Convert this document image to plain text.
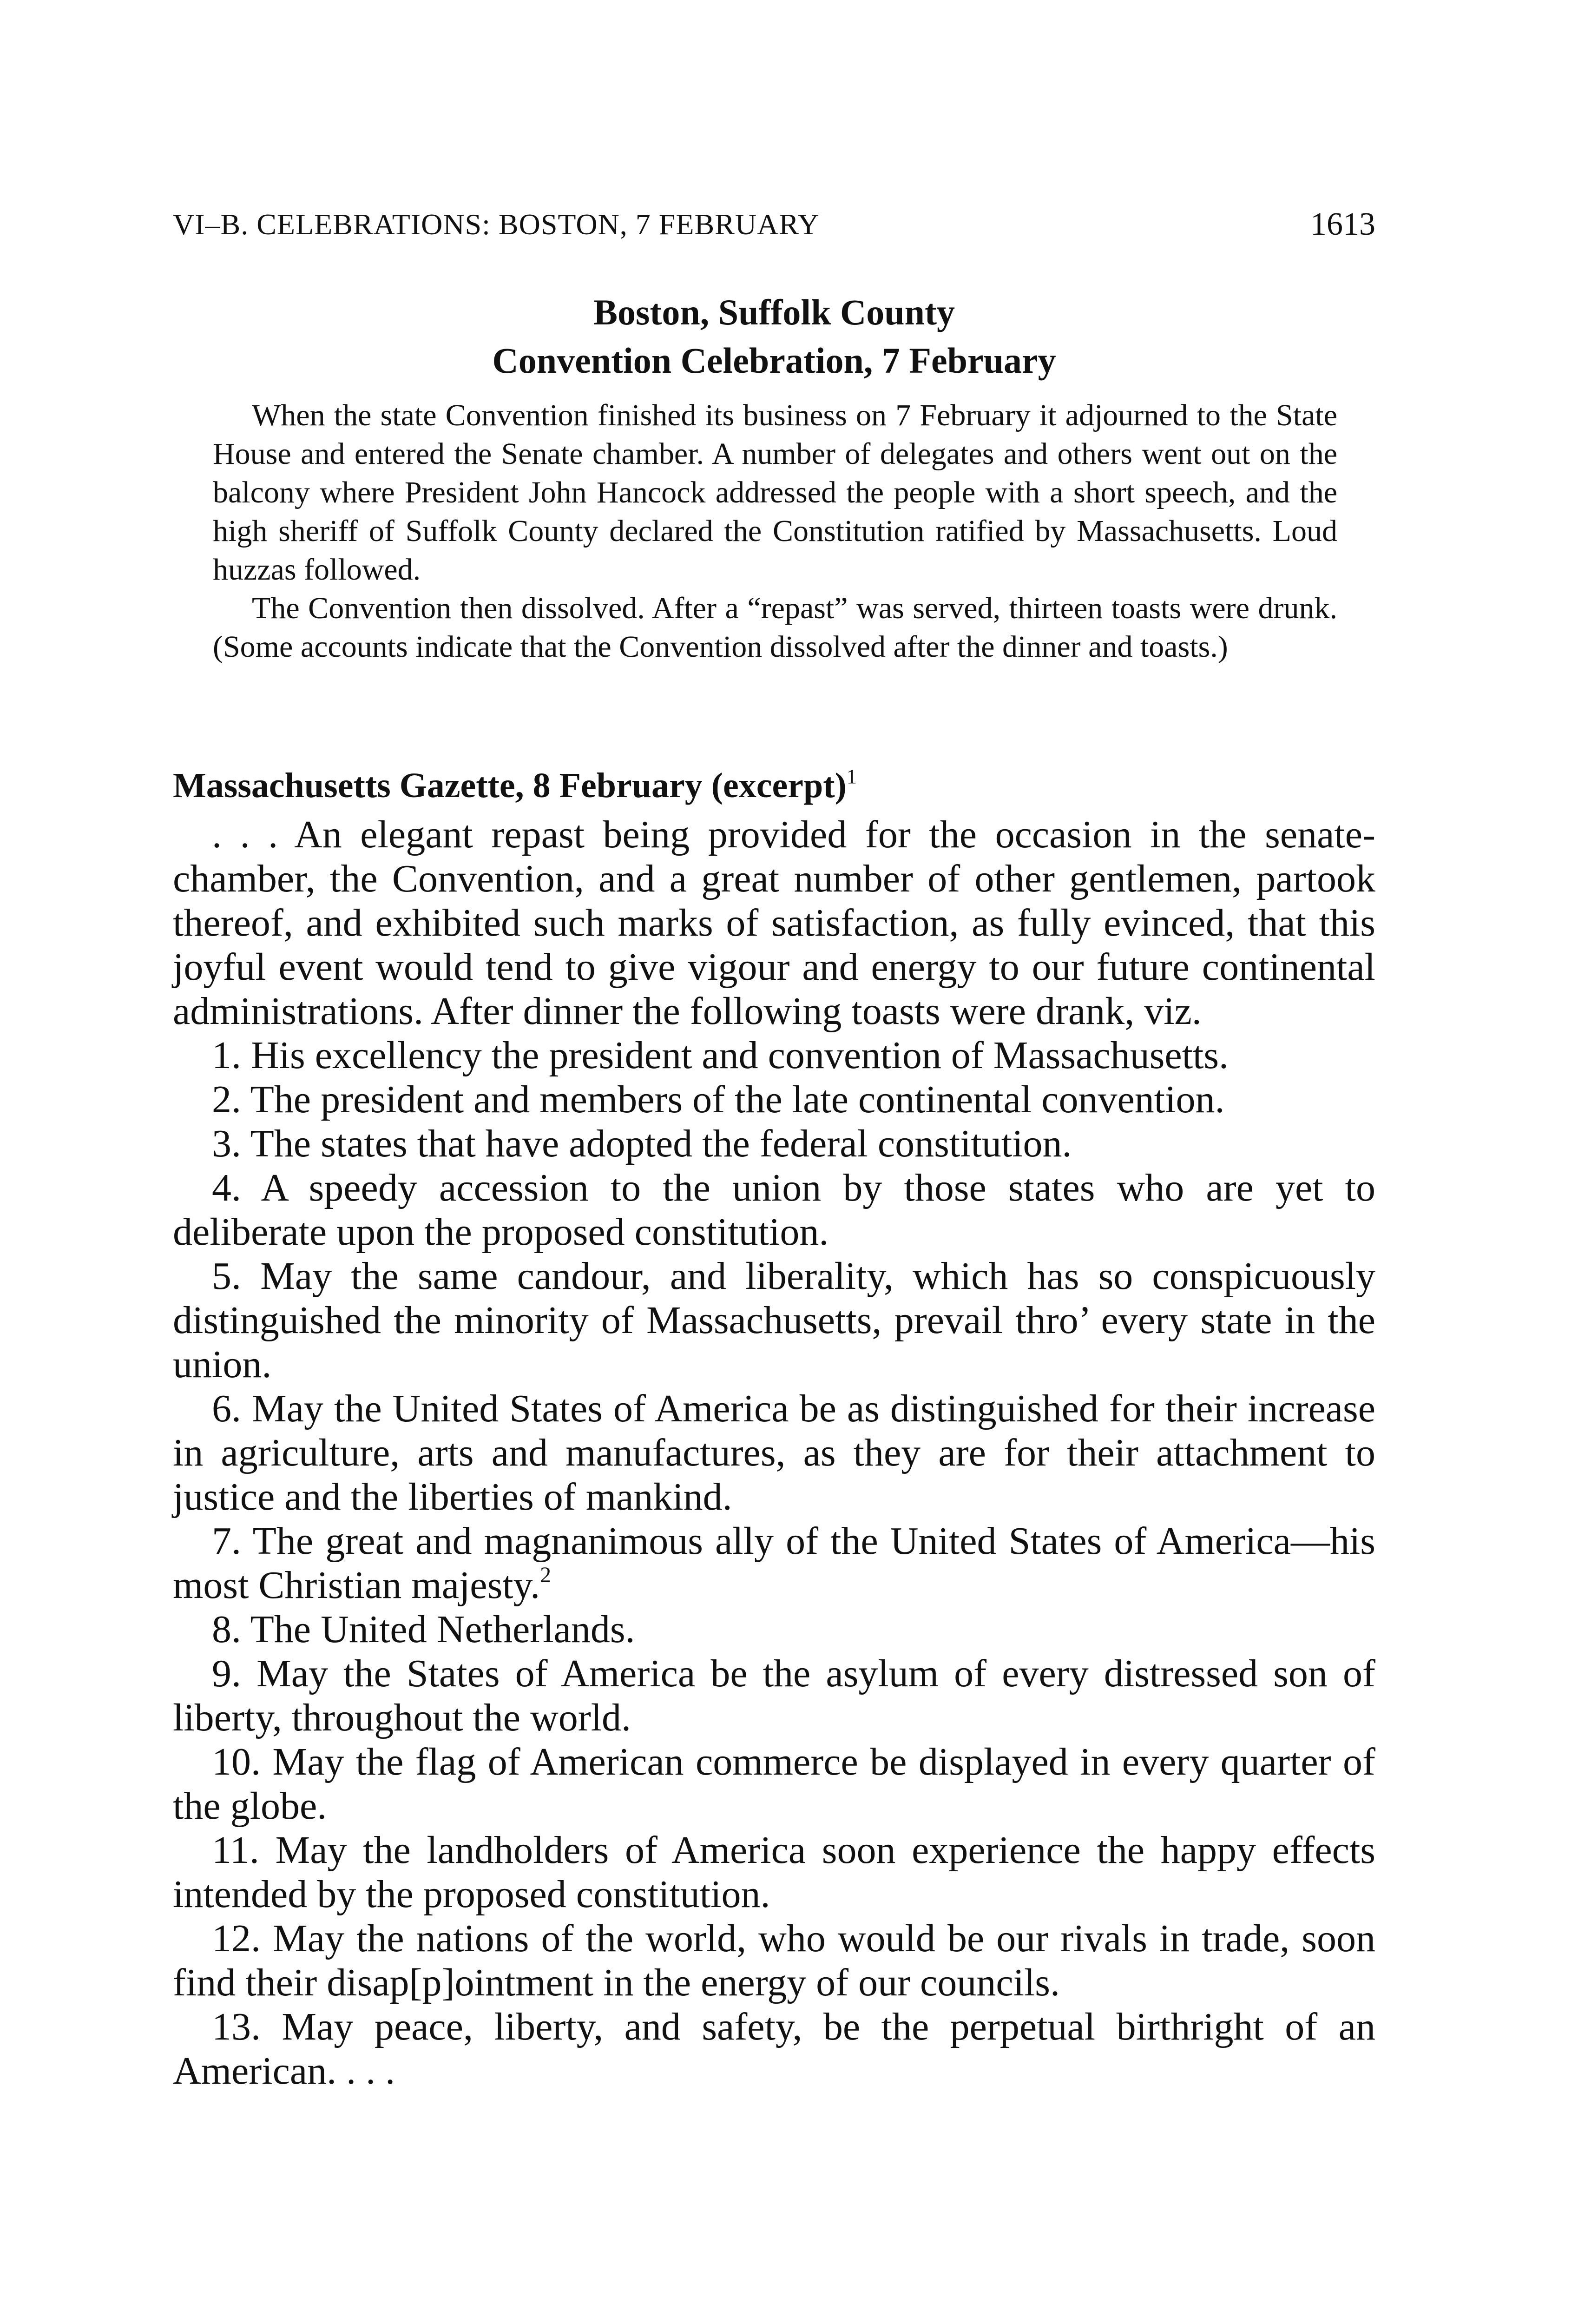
VI–B. CELEBRATIONS: BOSTON, 7 FEBRUARY	1613
Boston, Suffolk County
Convention Celebration, 7 February

When the state Convention finished its business on 7 February it adjourned to the State House and entered the Senate chamber. A number of delegates and others went out on the balcony where President John Hancock addressed the people with a short speech, and the high sheriff of Suffolk County declared the Constitution ratified by Massachusetts. Loud huzzas followed.

The Convention then dissolved. After a “repast” was served, thirteen toasts were drunk. (Some accounts indicate that the Convention dissolved after the dinner and toasts.)

Massachusetts Gazette, 8 February (excerpt)$^1$

. . . An elegant repast being provided for the occasion in the senate-chamber, the Convention, and a great number of other gentlemen, partook thereof, and exhibited such marks of satisfaction, as fully evinced, that this joyful event would tend to give vigour and energy to our future continental administrations. After dinner the following toasts were drank, viz.

1. His excellency the president and convention of Massachusetts.

2. The president and members of the late continental convention.

3. The states that have adopted the federal constitution.

4. A speedy accession to the union by those states who are yet to deliberate upon the proposed constitution.

5. May the same candour, and liberality, which has so conspicuously distinguished the minority of Massachusetts, prevail thro’ every state in the union.

6. May the United States of America be as distinguished for their increase in agriculture, arts and manufactures, as they are for their attachment to justice and the liberties of mankind.

7. The great and magnanimous ally of the United States of America—his most Christian majesty.$^2$

8. The United Netherlands.

9. May the States of America be the asylum of every distressed son of liberty, throughout the world.

10. May the flag of American commerce be displayed in every quarter of the globe.

11. May the landholders of America soon experience the happy effects intended by the proposed constitution.

12. May the nations of the world, who would be our rivals in trade, soon find their disap[p]ointment in the energy of our councils.

13. May peace, liberty, and safety, be the perpetual birthright of an American. . . .
